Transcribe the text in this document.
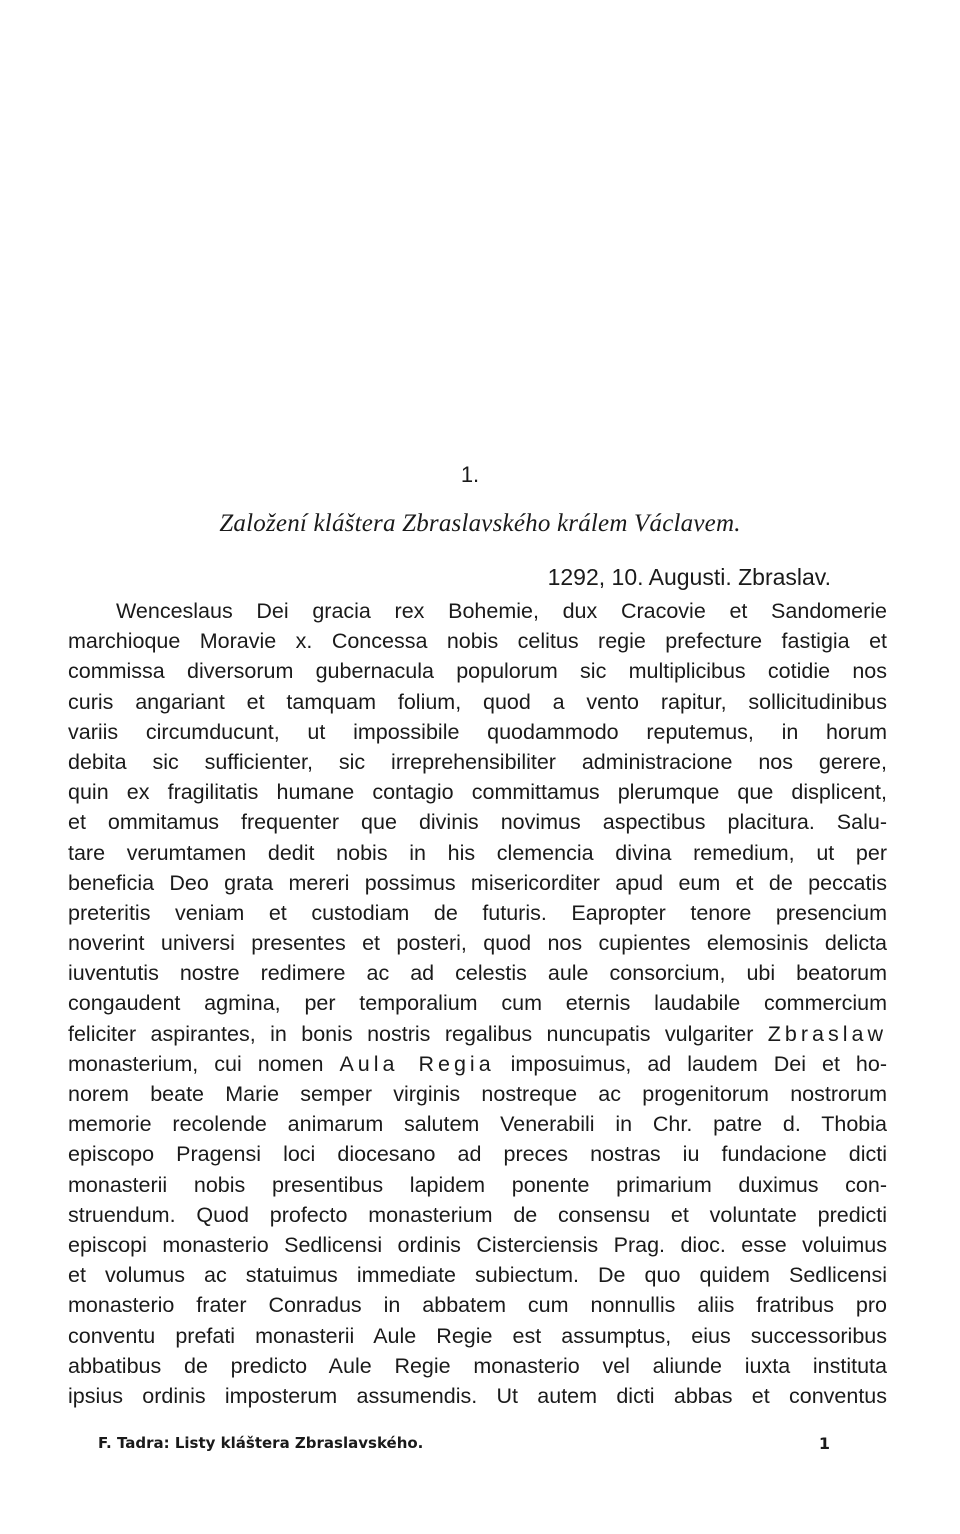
1.
Založení kláštera Zbraslavského králem Václavem.
1292, 10. Augusti. Zbraslav.
Wenceslaus Dei gracia rex Bohemie, dux Cracovie et Sandomerie
marchioque Moravie x. Concessa nobis celitus regie prefecture fastigia et
commissa diversorum gubernacula populorum sic multiplicibus cotidie nos
curis angariant et tamquam folium, quod a vento rapitur, sollicitudinibus
variis circumducunt, ut impossibile quodammodo reputemus, in horum
debita sic sufficienter, sic irreprehensibiliter administracione nos gerere,
quin ex fragilitatis humane contagio committamus plerumque que displicent,
et ommitamus frequenter que divinis novimus aspectibus placitura. Salu-
tare verumtamen dedit nobis in his clemencia divina remedium, ut per
beneficia Deo grata mereri possimus misericorditer apud eum et de peccatis
preteritis veniam et custodiam de futuris. Eapropter tenore presencium
noverint universi presentes et posteri, quod nos cupientes elemosinis delicta
iuventutis nostre redimere ac ad celestis aule consorcium, ubi beatorum
congaudent agmina, per temporalium cum eternis laudabile commercium
feliciter aspirantes, in bonis nostris regalibus nuncupatis vulgariter Zbraslaw
monasterium, cui nomen Aula Regia imposuimus, ad laudem Dei et ho-
norem beate Marie semper virginis nostreque ac progenitorum nostrorum
memorie recolende animarum salutem Venerabili in Chr. patre d. Thobia
episcopo Pragensi loci diocesano ad preces nostras iu fundacione dicti
monasterii nobis presentibus lapidem ponente primarium duximus con-
struendum. Quod profecto monasterium de consensu et voluntate predicti
episcopi monasterio Sedlicensi ordinis Cisterciensis Prag. dioc. esse voluimus
et volumus ac statuimus immediate subiectum. De quo quidem Sedlicensi
monasterio frater Conradus in abbatem cum nonnullis aliis fratribus pro
conventu prefati monasterii Aule Regie est assumptus, eius successoribus
abbatibus de predicto Aule Regie monasterio vel aliunde iuxta instituta
ipsius ordinis imposterum assumendis. Ut autem dicti abbas et conventus
F. Tadra: Listy kláštera Zbraslavského.	1
